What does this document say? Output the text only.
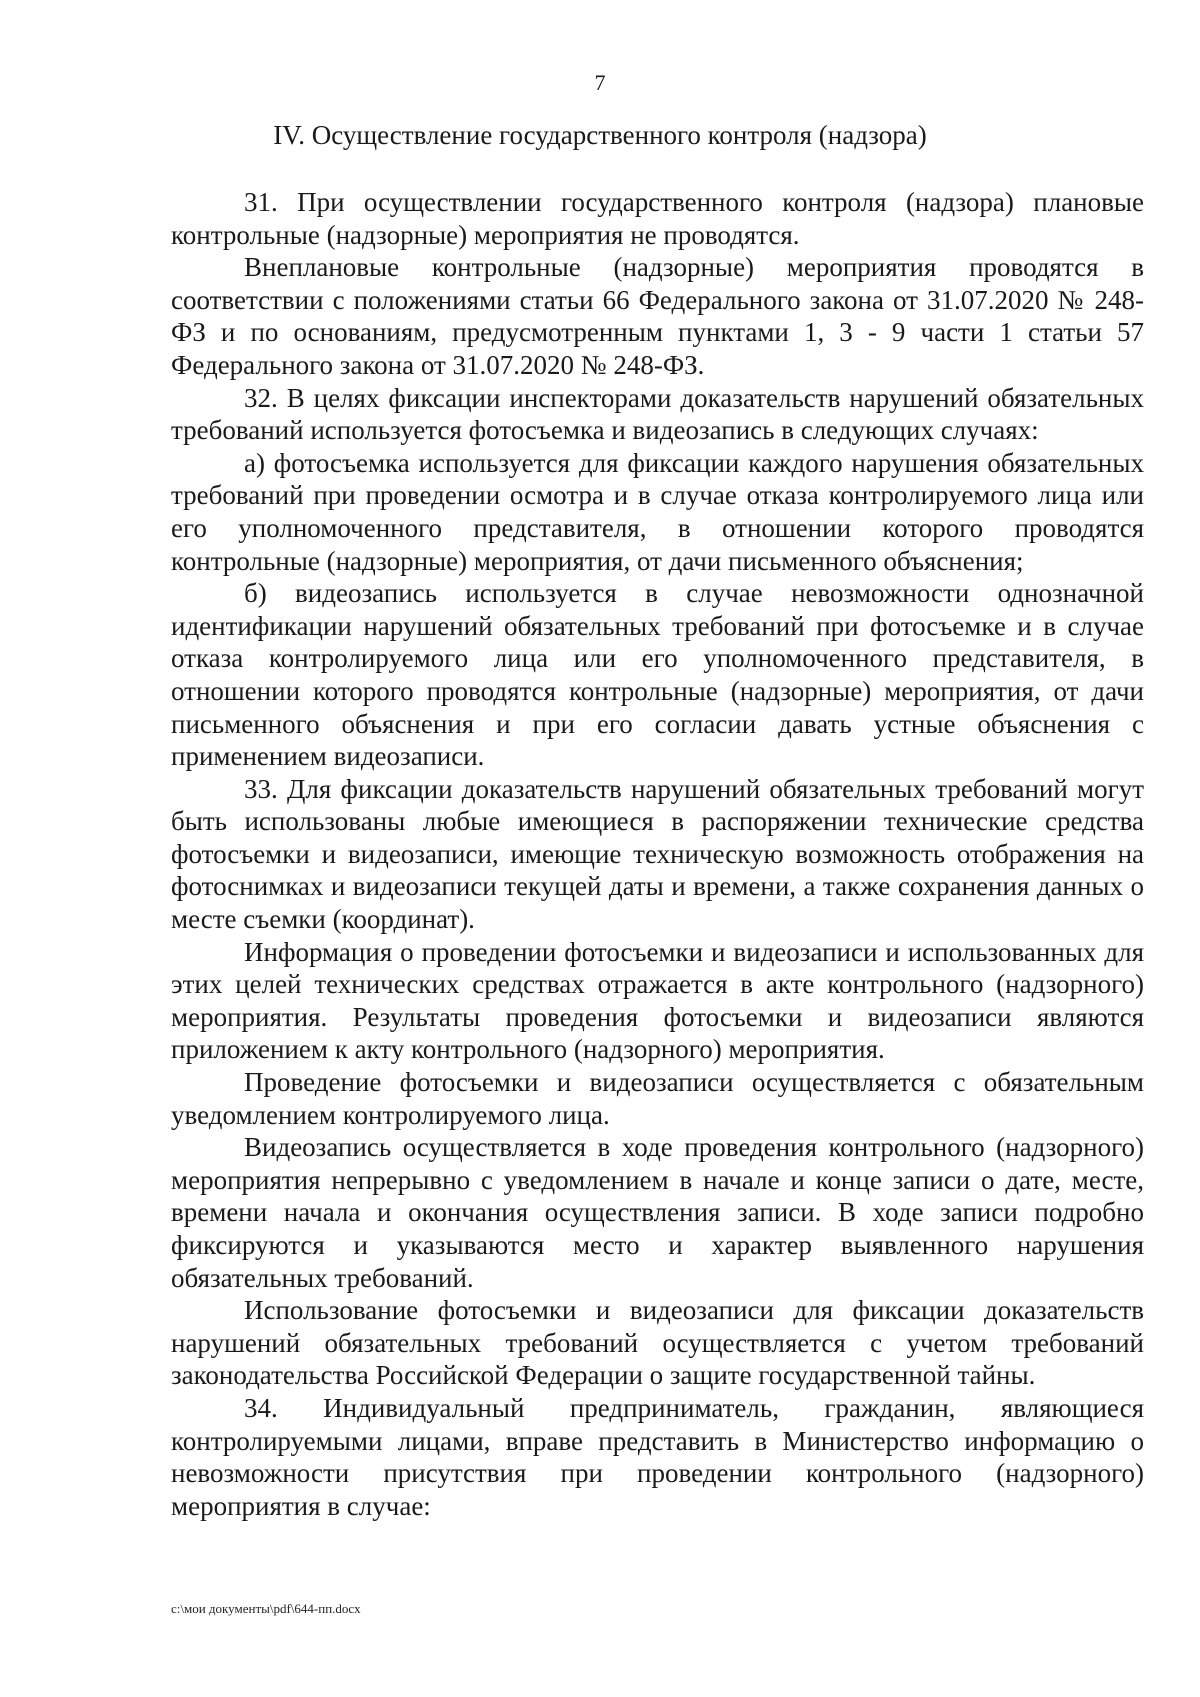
7
IV. Осуществление государственного контроля (надзора)

31. При осуществлении государственного контроля (надзора) плановые контрольные (надзорные) мероприятия не проводятся.

Внеплановые контрольные (надзорные) мероприятия проводятся в соответствии с положениями статьи 66 Федерального закона от 31.07.2020 № 248-ФЗ и по основаниям, предусмотренным пунктами 1, 3 - 9 части 1 статьи 57 Федерального закона от 31.07.2020 № 248-ФЗ.

32. В целях фиксации инспекторами доказательств нарушений обязательных требований используется фотосъемка и видеозапись в следующих случаях:

а) фотосъемка используется для фиксации каждого нарушения обязательных требований при проведении осмотра и в случае отказа контролируемого лица или его уполномоченного представителя, в отношении которого проводятся контрольные (надзорные) мероприятия, от дачи письменного объяснения;

б) видеозапись используется в случае невозможности однозначной идентификации нарушений обязательных требований при фотосъемке и в случае отказа контролируемого лица или его уполномоченного представителя, в отношении которого проводятся контрольные (надзорные) мероприятия, от дачи письменного объяснения и при его согласии давать устные объяснения с применением видеозаписи.

33. Для фиксации доказательств нарушений обязательных требований могут быть использованы любые имеющиеся в распоряжении технические средства фотосъемки и видеозаписи, имеющие техническую возможность отображения на фотоснимках и видеозаписи текущей даты и времени, а также сохранения данных о месте съемки (координат).

Информация о проведении фотосъемки и видеозаписи и использованных для этих целей технических средствах отражается в акте контрольного (надзорного) мероприятия. Результаты проведения фотосъемки и видеозаписи являются приложением к акту контрольного (надзорного) мероприятия.

Проведение фотосъемки и видеозаписи осуществляется с обязательным уведомлением контролируемого лица.

Видеозапись осуществляется в ходе проведения контрольного (надзорного) мероприятия непрерывно с уведомлением в начале и конце записи о дате, месте, времени начала и окончания осуществления записи. В ходе записи подробно фиксируются и указываются место и характер выявленного нарушения обязательных требований.

Использование фотосъемки и видеозаписи для фиксации доказательств нарушений обязательных требований осуществляется с учетом требований законодательства Российской Федерации о защите государственной тайны.

34. Индивидуальный предприниматель, гражданин, являющиеся контролируемыми лицами, вправе представить в Министерство информацию о невозможности присутствия при проведении контрольного (надзорного) мероприятия в случае:

c:\мои документы\pdf\644-пп.docx
